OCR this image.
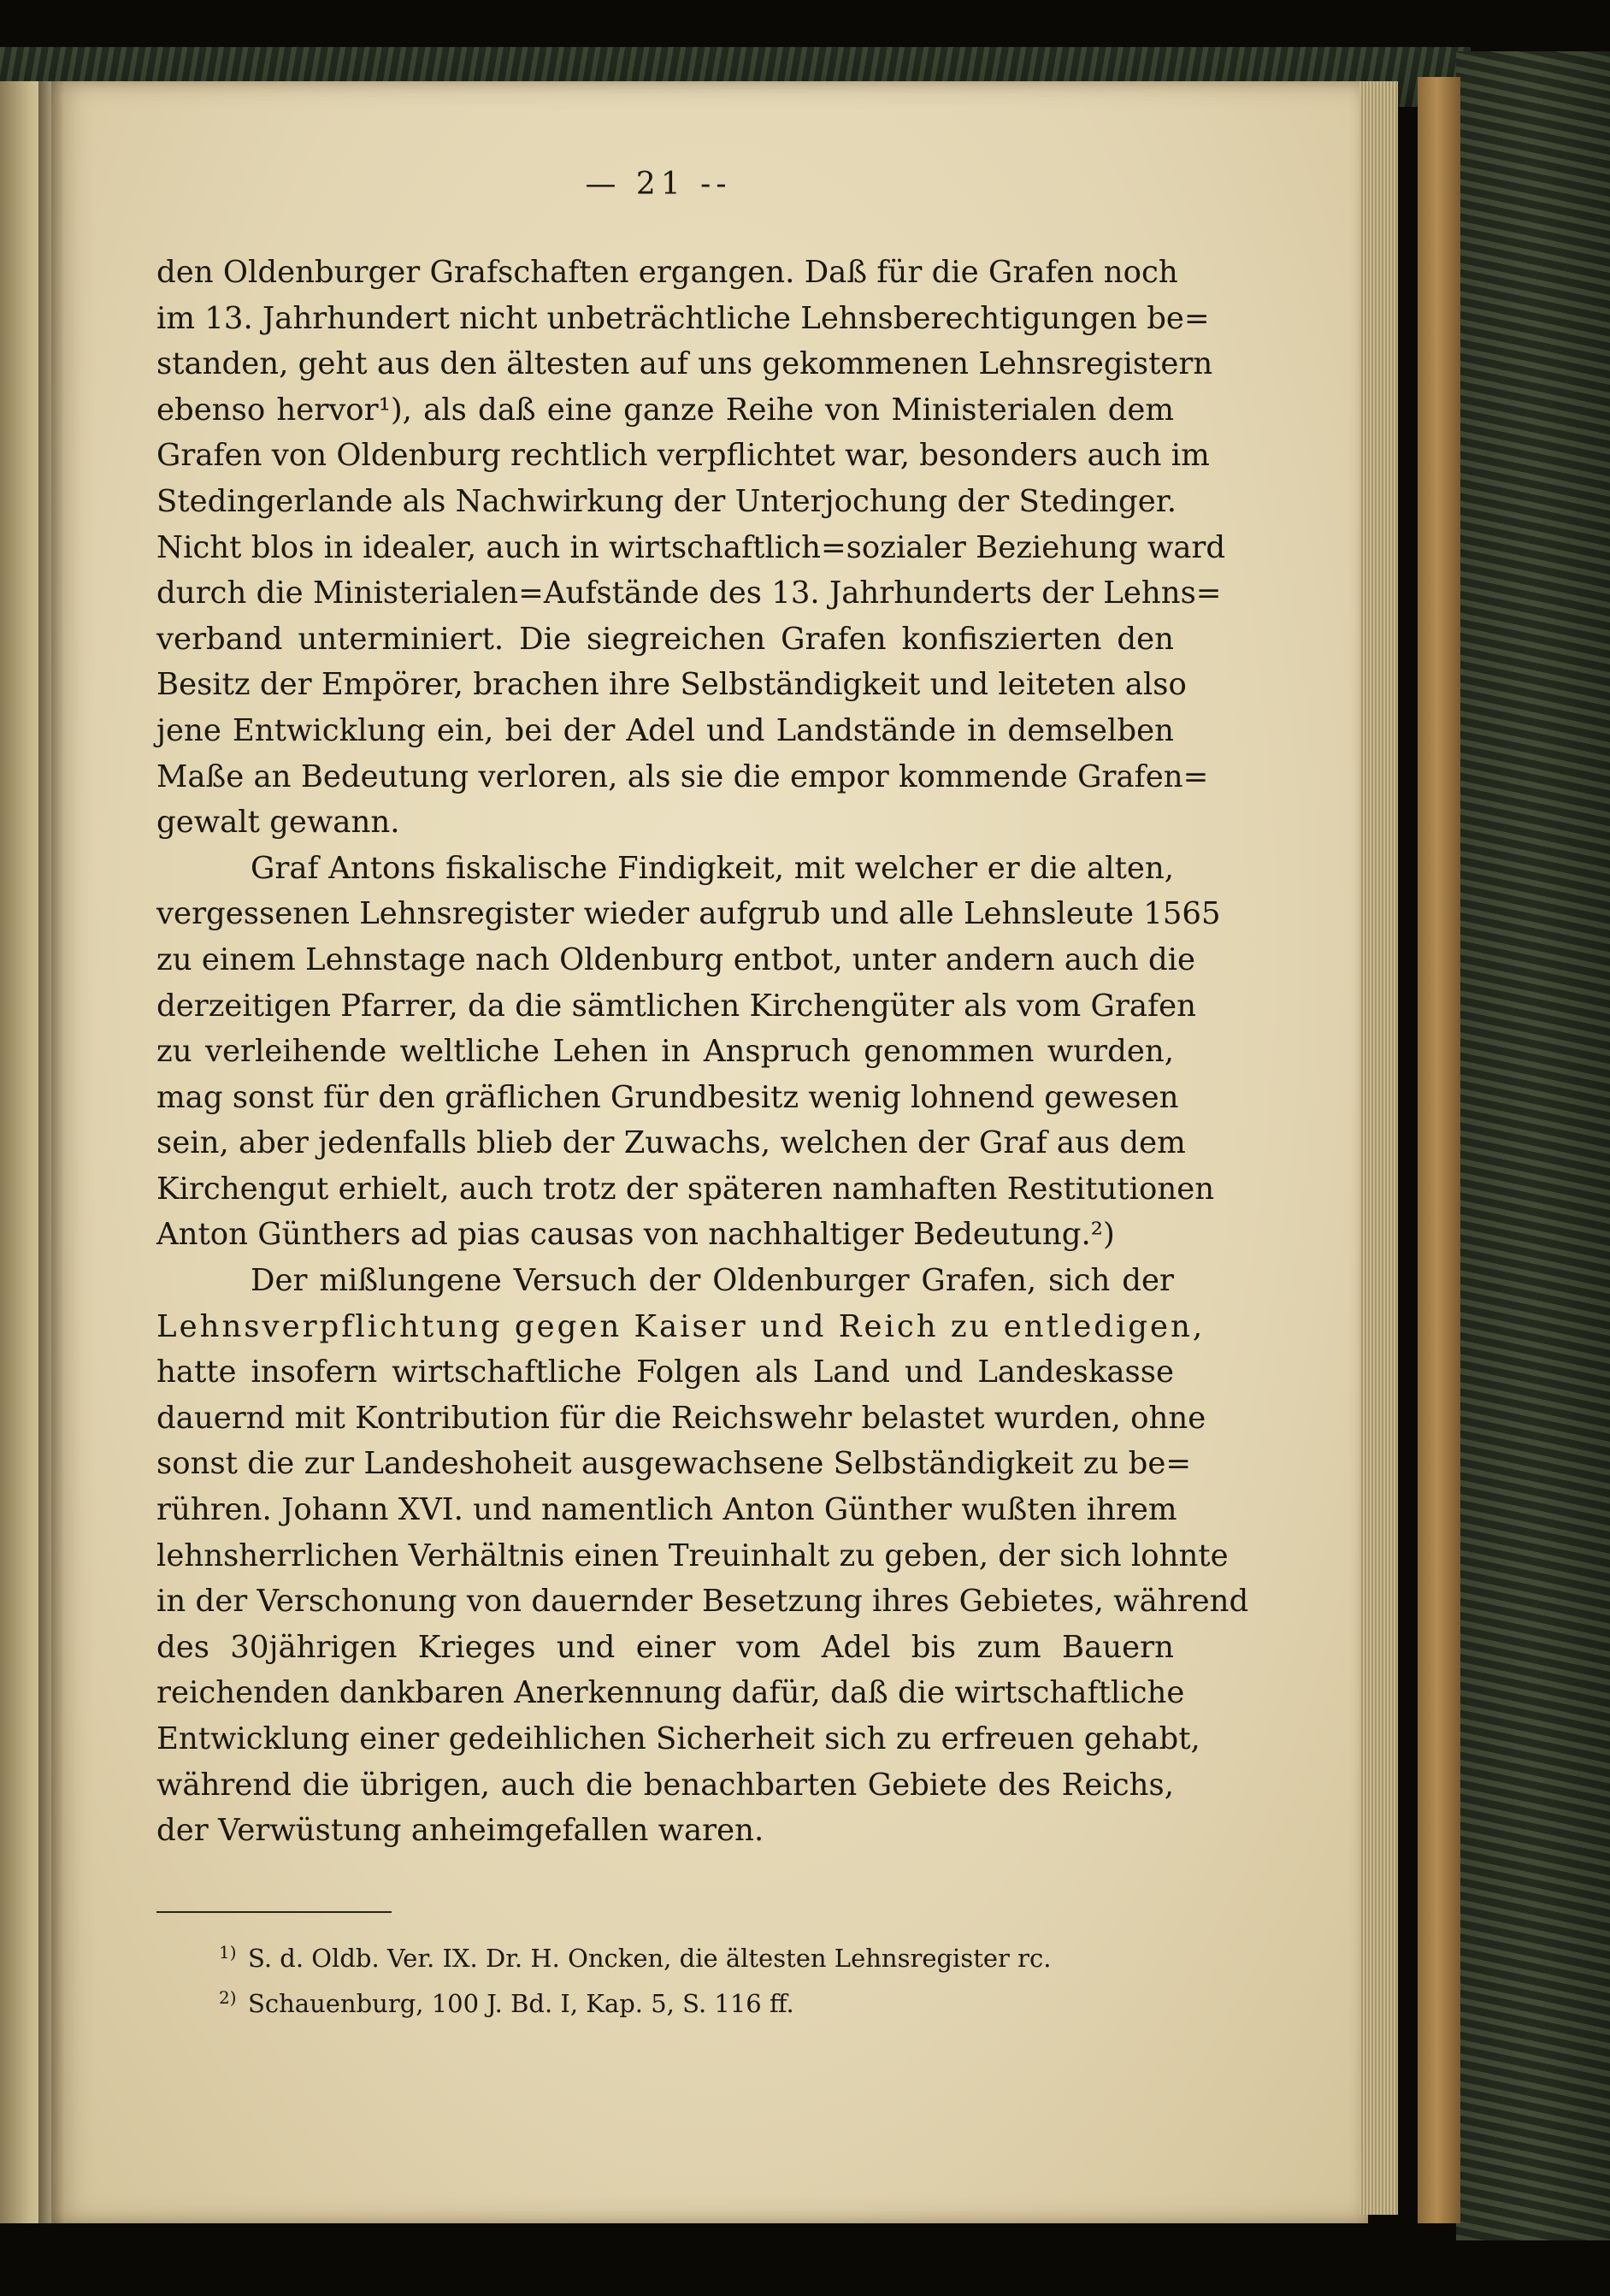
— 21 --
den Oldenburger Grafschaften ergangen. Daß für die Grafen noch
im 13. Jahrhundert nicht unbeträchtliche Lehnsberechtigungen be=
standen, geht aus den ältesten auf uns gekommenen Lehnsregistern
ebenso hervor¹), als daß eine ganze Reihe von Ministerialen dem
Grafen von Oldenburg rechtlich verpflichtet war, besonders auch im
Stedingerlande als Nachwirkung der Unterjochung der Stedinger.
Nicht blos in idealer, auch in wirtschaftlich=sozialer Beziehung ward
durch die Ministerialen=Aufstände des 13. Jahrhunderts der Lehns=
verband unterminiert. Die siegreichen Grafen konfiszierten den
Besitz der Empörer, brachen ihre Selbständigkeit und leiteten also
jene Entwicklung ein, bei der Adel und Landstände in demselben
Maße an Bedeutung verloren, als sie die empor kommende Grafen=
gewalt gewann.
Graf Antons fiskalische Findigkeit, mit welcher er die alten,
vergessenen Lehnsregister wieder aufgrub und alle Lehnsleute 1565
zu einem Lehnstage nach Oldenburg entbot, unter andern auch die
derzeitigen Pfarrer, da die sämtlichen Kirchengüter als vom Grafen
zu verleihende weltliche Lehen in Anspruch genommen wurden,
mag sonst für den gräflichen Grundbesitz wenig lohnend gewesen
sein, aber jedenfalls blieb der Zuwachs, welchen der Graf aus dem
Kirchengut erhielt, auch trotz der späteren namhaften Restitutionen
Anton Günthers ad pias causas von nachhaltiger Bedeutung.²)
Der mißlungene Versuch der Oldenburger Grafen, sich der
Lehnsverpflichtung gegen Kaiser und Reich zu entledigen,
hatte insofern wirtschaftliche Folgen als Land und Landeskasse
dauernd mit Kontribution für die Reichswehr belastet wurden, ohne
sonst die zur Landeshoheit ausgewachsene Selbständigkeit zu be=
rühren. Johann XVI. und namentlich Anton Günther wußten ihrem
lehnsherrlichen Verhältnis einen Treuinhalt zu geben, der sich lohnte
in der Verschonung von dauernder Besetzung ihres Gebietes, während
des 30jährigen Krieges und einer vom Adel bis zum Bauern
reichenden dankbaren Anerkennung dafür, daß die wirtschaftliche
Entwicklung einer gedeihlichen Sicherheit sich zu erfreuen gehabt,
während die übrigen, auch die benachbarten Gebiete des Reichs,
der Verwüstung anheimgefallen waren.
1) S. d. Oldb. Ver. IX. Dr. H. Oncken, die ältesten Lehnsregister rc.
2) Schauenburg, 100 J. Bd. I, Kap. 5, S. 116 ff.
